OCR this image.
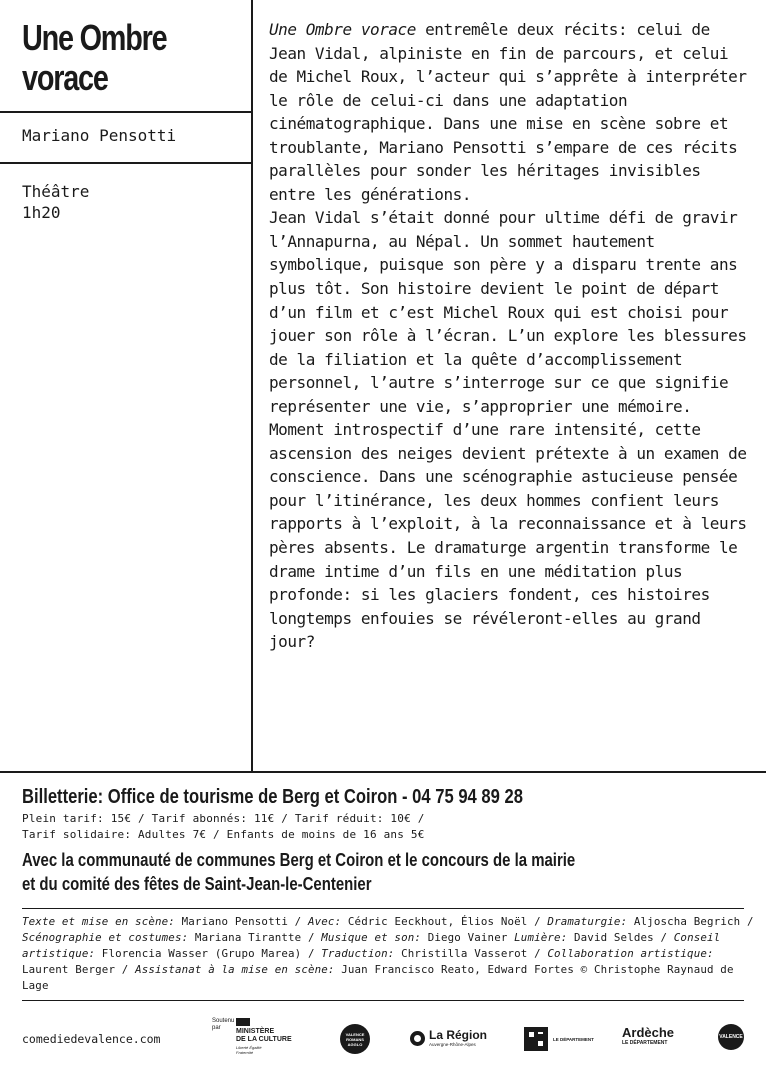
Une Ombre
vorace
Mariano Pensotti
Théâtre
1h20

Une Ombre vorace entremêle deux récits: celui de Jean Vidal, alpiniste en fin de parcours, et celui de Michel Roux, l’acteur qui s’apprête à interpréter le rôle de celui-ci dans une adaptation cinématographique. Dans une mise en scène sobre et troublante, Mariano Pensotti s’empare de ces récits parallèles pour sonder les héritages invisibles entre les générations.

Jean Vidal s’était donné pour ultime défi de gravir l’Annapurna, au Népal. Un sommet hautement symbolique, puisque son père y a disparu trente ans plus tôt. Son histoire devient le point de départ d’un film et c’est Michel Roux qui est choisi pour jouer son rôle à l’écran. L’un explore les blessures de la filiation et la quête d’accomplissement personnel, l’autre s’interroge sur ce que signifie représenter une vie, s’approprier une mémoire. Moment introspectif d’une rare intensité, cette ascension des neiges devient prétexte à un examen de conscience. Dans une scénographie astucieuse pensée pour l’itinérance, les deux hommes confient leurs rapports à l’exploit, à la reconnaissance et à leurs pères absents. Le dramaturge argentin transforme le drame intime d’un fils en une méditation plus profonde: si les glaciers fondent, ces histoires longtemps enfouies se révéleront-elles au grand jour?

Billetterie: Office de tourisme de Berg et Coiron - 04 75 94 89 28
Plein tarif: 15€ / Tarif abonnés: 11€ / Tarif réduit: 10€ /
Tarif solidaire: Adultes 7€ / Enfants de moins de 16 ans 5€
Avec la communauté de communes Berg et Coiron et le concours de la mairie
et du comité des fêtes de Saint-Jean-le-Centenier
Texte et mise en scène: Mariano Pensotti / Avec: Cédric Eeckhout, Élios Noël / Dramaturgie: Aljoscha Begrich / Scénographie et costumes: Mariana Tirantte / Musique et son: Diego Vainer Lumière: David Seldes / Conseil artistique: Florencia Wasser (Grupo Marea) / Traduction: Christilla Vasserot / Collaboration artistique: Laurent Berger / Assistanat à la mise en scène: Juan Francisco Reato, Edward Fortes © Christophe Raynaud de Lage
comediedevalence.com
Soutenu par	MINISTÈRE
DE LA CULTURE
Liberté Égalité Fraternité
VALENCE ROMANS AGGLO
La Région
Auvergne-Rhône-Alpes
LE DÉPARTEMENT Ardèche
LE DÉPARTEMENT
VALENCE
